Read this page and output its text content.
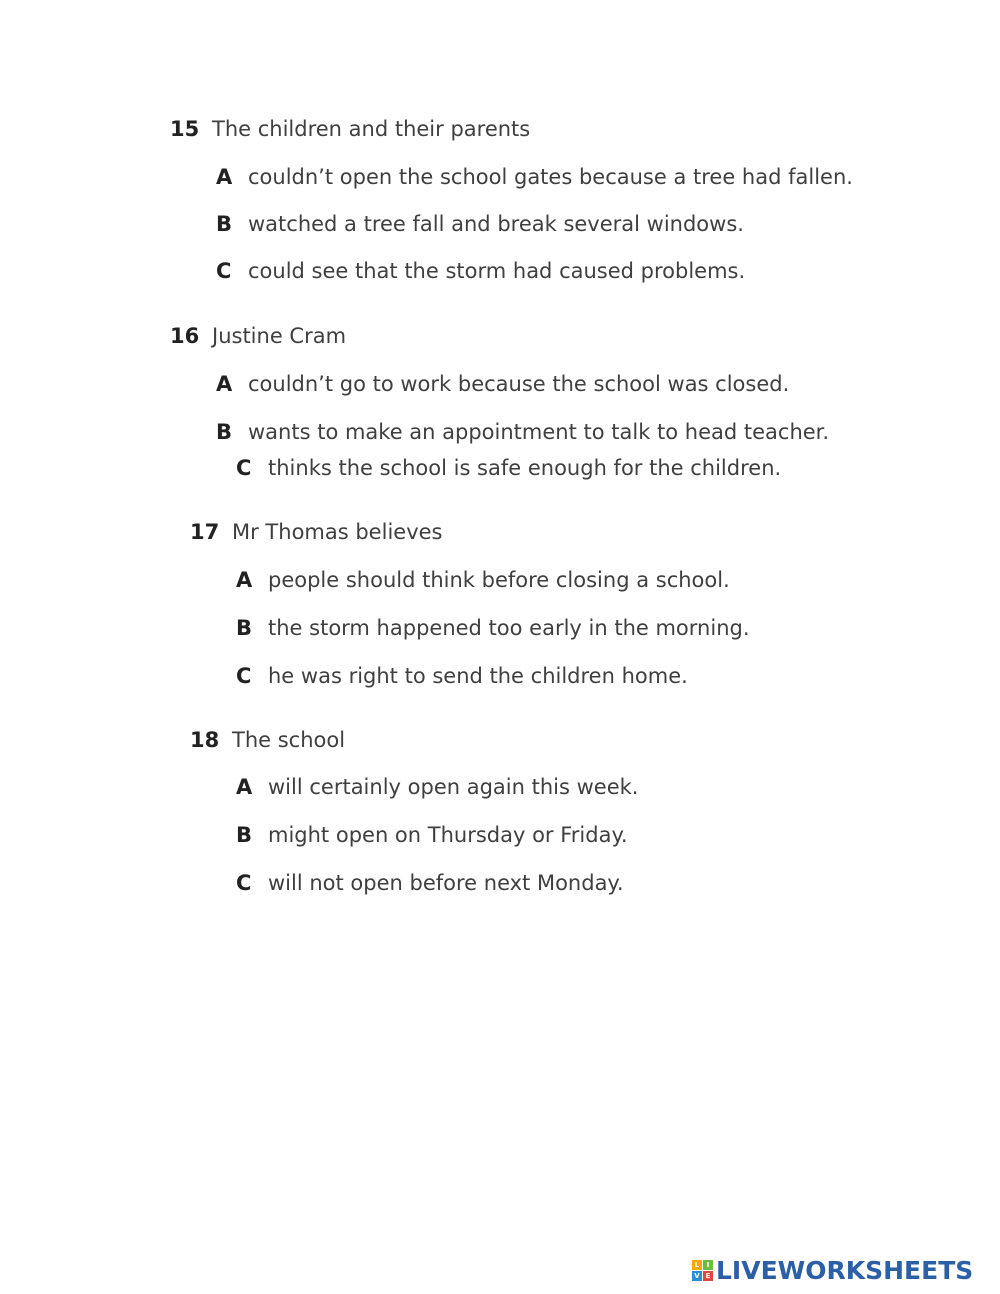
15 The children and their parents
A couldn’t open the school gates because a tree had fallen.
B watched a tree fall and break several windows.
C could see that the storm had caused problems.
16 Justine Cram
A couldn’t go to work because the school was closed.
B wants to make an appointment to talk to head teacher.
C thinks the school is safe enough for the children.
17 Mr Thomas believes
A people should think before closing a school.
B the storm happened too early in the morning.
C he was right to send the children home.
18 The school
A will certainly open again this week.
B might open on Thursday or Friday.
C will not open before next Monday.
L	I
V E LIVEWORKSHEETS
